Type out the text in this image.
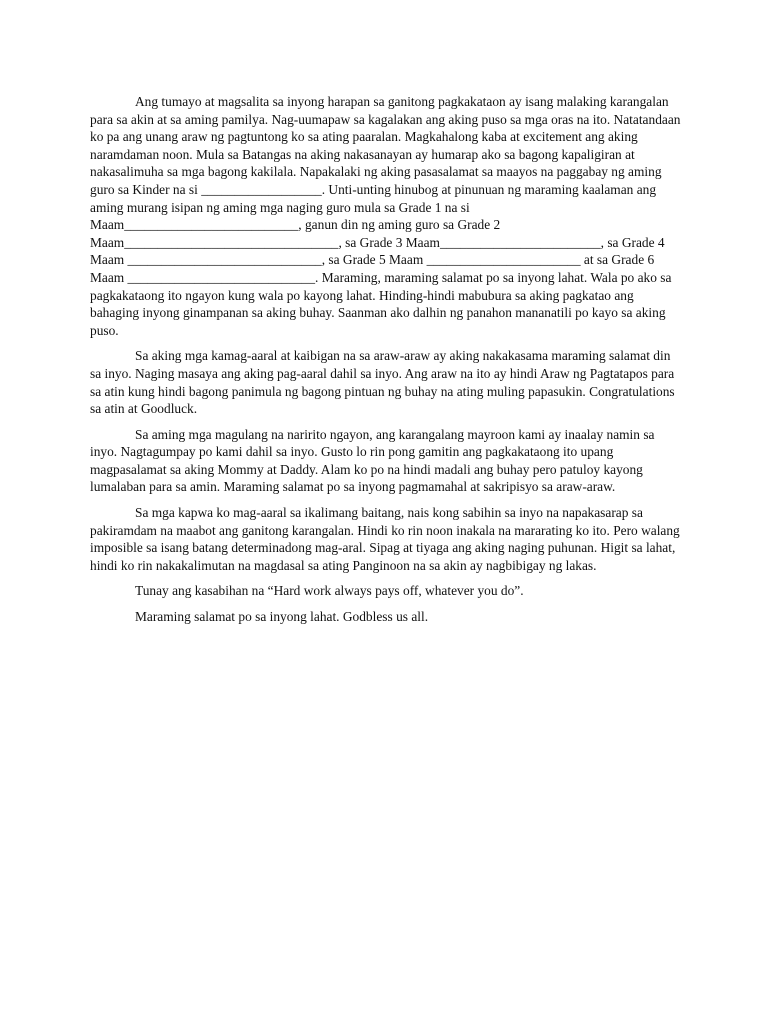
Ang tumayo at magsalita sa inyong harapan sa ganitong pagkakataon ay isang malaking karangalan para sa akin at sa aming pamilya. Nag-uumapaw sa kagalakan ang aking puso sa mga oras na ito. Natatandaan ko pa ang unang araw ng pagtuntong ko sa ating paaralan. Magkahalong kaba at excitement ang aking naramdaman noon. Mula sa Batangas na aking nakasanayan ay humarap ako sa bagong kapaligiran at nakasalimuha sa mga bagong kakilala. Napakalaki ng aking pasasalamat sa maayos na paggabay ng aming guro sa Kinder na si __________________. Unti-unting hinubog at pinunuan ng maraming kaalaman ang aming murang isipan ng aming mga naging guro mula sa Grade 1 na si Maam__________________________, ganun din ng aming guro sa Grade 2 Maam________________________________, sa Grade 3 Maam________________________, sa Grade 4 Maam _____________________________, sa Grade 5 Maam _______________________ at sa Grade 6 Maam ____________________________. Maraming, maraming salamat po sa inyong lahat. Wala po ako sa pagkakataong ito ngayon kung wala po kayong lahat. Hinding-hindi mabubura sa aking pagkatao ang bahaging inyong ginampanan sa aking buhay. Saanman ako dalhin ng panahon mananatili po kayo sa aking puso.

Sa aking mga kamag-aaral at kaibigan na sa araw-araw ay aking nakakasama maraming salamat din sa inyo. Naging masaya ang aking pag-aaral dahil sa inyo. Ang araw na ito ay hindi Araw ng Pagtatapos para sa atin kung hindi bagong panimula ng bagong pintuan ng buhay na ating muling papasukin. Congratulations sa atin at Goodluck.

Sa aming mga magulang na naririto ngayon, ang karangalang mayroon kami ay inaalay namin sa inyo. Nagtagumpay po kami dahil sa inyo. Gusto lo rin pong gamitin ang pagkakataong ito upang magpasalamat sa aking Mommy at Daddy. Alam ko po na hindi madali ang buhay pero patuloy kayong lumalaban para sa amin. Maraming salamat po sa inyong pagmamahal at sakripisyo sa araw-araw.

Sa mga kapwa ko mag-aaral sa ikalimang baitang, nais kong sabihin sa inyo na napakasarap sa pakiramdam na maabot ang ganitong karangalan. Hindi ko rin noon inakala na mararating ko ito. Pero walang imposible sa isang batang determinadong mag-aral. Sipag at tiyaga ang aking naging puhunan. Higit sa lahat, hindi ko rin nakakalimutan na magdasal sa ating Panginoon na sa akin ay nagbibigay ng lakas.

Tunay ang kasabihan na “Hard work always pays off, whatever you do”.

Maraming salamat po sa inyong lahat. Godbless us all.
